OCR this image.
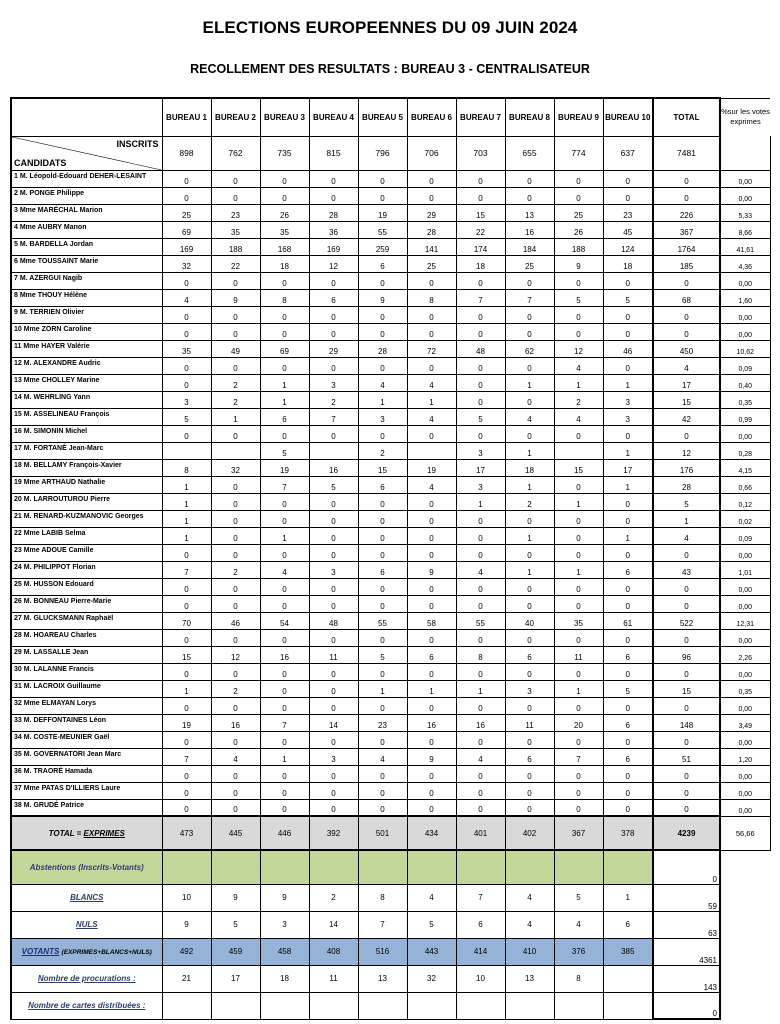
ELECTIONS EUROPEENNES DU 09 JUIN 2024
RECOLLEMENT DES RESULTATS : BUREAU 3 - CENTRALISATEUR
	BUREAU 1	BUREAU 2	BUREAU 3	BUREAU 4	BUREAU 5	BUREAU 6	BUREAU 7	BUREAU 8	BUREAU 9	BUREAU 10	TOTAL	%sur les votes exprimes

INSCRITS
CANDIDATS	898	762	735	815	796	706	703	655	774	637	7481	
1 M. Léopold-Edouard DEHER-LESAINT	0	0	0	0	0	0	0	0	0	0	0	0,00
2 M. PONGE Philippe	0	0	0	0	0	0	0	0	0	0	0	0,00
3 Mme MARÉCHAL Marion	25	23	26	28	19	29	15	13	25	23	226	5,33
4 Mme AUBRY Manon	69	35	35	36	55	28	22	16	26	45	367	8,66
5 M. BARDELLA Jordan	169	188	168	169	259	141	174	184	188	124	1764	41,61
6 Mme TOUSSAINT Marie	32	22	18	12	6	25	18	25	9	18	185	4,36
7 M. AZERGUI Nagib	0	0	0	0	0	0	0	0	0	0	0	0,00
8 Mme THOUY Hélène	4	9	8	6	9	8	7	7	5	5	68	1,60
9 M. TERRIEN Olivier	0	0	0	0	0	0	0	0	0	0	0	0,00
10 Mme ZORN Caroline	0	0	0	0	0	0	0	0	0	0	0	0,00
11 Mme HAYER Valérie	35	49	69	29	28	72	48	62	12	46	450	10,62
12 M. ALEXANDRE Audric	0	0	0	0	0	0	0	0	4	0	4	0,09
13 Mme CHOLLEY Marine	0	2	1	3	4	4	0	1	1	1	17	0,40
14 M. WEHRLING Yann	3	2	1	2	1	1	0	0	2	3	15	0,35
15 M. ASSELINEAU François	5	1	6	7	3	4	5	4	4	3	42	0,99
16 M. SIMONIN Michel	0	0	0	0	0	0	0	0	0	0	0	0,00
17 M. FORTANÉ Jean-Marc			5		2		3	1		1	12	0,28
18 M. BELLAMY François-Xavier	8	32	19	16	15	19	17	18	15	17	176	4,15
19 Mme ARTHAUD Nathalie	1	0	7	5	6	4	3	1	0	1	28	0,66
20 M. LARROUTUROU Pierre	1	0	0	0	0	0	1	2	1	0	5	0,12
21 M. RENARD-KUZMANOVIC Georges	1	0	0	0	0	0	0	0	0	0	1	0,02
22 Mme LABIB Selma	1	0	1	0	0	0	0	1	0	1	4	0,09
23 Mme ADOUE Camille	0	0	0	0	0	0	0	0	0	0	0	0,00
24 M. PHILIPPOT Florian	7	2	4	3	6	9	4	1	1	6	43	1,01
25 M. HUSSON Edouard	0	0	0	0	0	0	0	0	0	0	0	0,00
26 M. BONNEAU Pierre-Marie	0	0	0	0	0	0	0	0	0	0	0	0,00
27 M. GLUCKSMANN Raphaël	70	46	54	48	55	58	55	40	35	61	522	12,31
28 M. HOAREAU Charles	0	0	0	0	0	0	0	0	0	0	0	0,00
29 M. LASSALLE Jean	15	12	16	11	5	6	8	6	11	6	96	2,26
30 M. LALANNE Francis	0	0	0	0	0	0	0	0	0	0	0	0,00
31 M. LACROIX Guillaume	1	2	0	0	1	1	1	3	1	5	15	0,35
32 Mme ELMAYAN Lorys	0	0	0	0	0	0	0	0	0	0	0	0,00
33 M. DEFFONTAINES Léon	19	16	7	14	23	16	16	11	20	6	148	3,49
34 M. COSTE-MEUNIER Gaël	0	0	0	0	0	0	0	0	0	0	0	0,00
35 M. GOVERNATORI Jean Marc	7	4	1	3	4	9	4	6	7	6	51	1,20
36 M. TRAORÉ Hamada	0	0	0	0	0	0	0	0	0	0	0	0,00
37 Mme PATAS D'ILLIERS Laure	0	0	0	0	0	0	0	0	0	0	0	0,00
38 M. GRUDÉ Patrice	0	0	0	0	0	0	0	0	0	0	0	0,00
TOTAL = EXPRIMES	473	445	446	392	501	434	401	402	367	378	4239	56,66
Abstentions (Inscrits-Votants)											0	
BLANCS	10	9	9	2	8	4	7	4	5	1	59	
NULS	9	5	3	14	7	5	6	4	4	6	63	
VOTANTS (EXPRIMES+BLANCS+NULS)	492	459	458	408	516	443	414	410	376	385	4361	
Nombre de procurations :	21	17	18	11	13	32	10	13	8		143	
Nombre de cartes distribuées :											0	
